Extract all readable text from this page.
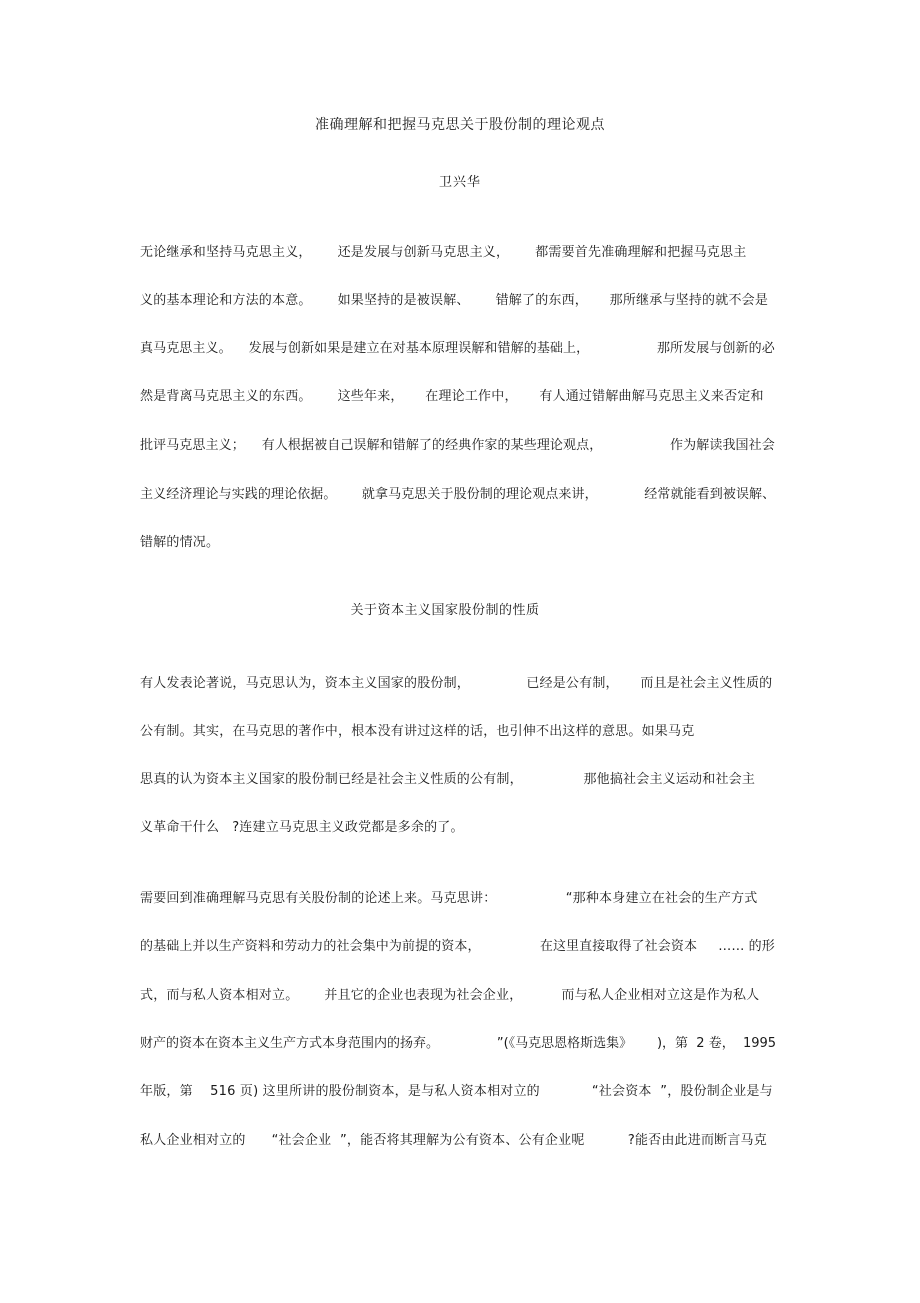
准确理解和把握马克思关于股份制的理论观点
卫兴华
无论继承和坚持马克思主义，      还是发展与创新马克思主义，      都需要首先准确理解和把握马克思主
义的基本理论和方法的本意。      如果坚持的是被误解、      错解了的东西，     那所继承与坚持的就不会是
真马克思主义。    发展与创新如果是建立在对基本原理误解和错解的基础上，                那所发展与创新的必
然是背离马克思主义的东西。      这些年来，     在理论工作中，     有人通过错解曲解马克思主义来否定和
批评马克思主义；    有人根据被自己误解和错解了的经典作家的某些理论观点，                作为解读我国社会
主义经济理论与实践的理论依据。      就拿马克思关于股份制的理论观点来讲，           经常就能看到被误解、
错解的情况。
关于资本主义国家股份制的性质
有人发表论著说，马克思认为，资本主义国家的股份制，             已经是公有制，     而且是社会主义性质的
公有制。其实，在马克思的著作中，根本没有讲过这样的话，也引伸不出这样的意思。如果马克
思真的认为资本主义国家的股份制已经是社会主义性质的公有制，              那他搞社会主义运动和社会主
义革命干什么   ?连建立马克思主义政党都是多余的了。
需要回到准确理解马克思有关股份制的论述上来。马克思讲：                “那种本身建立在社会的生产方式
的基础上并以生产资料和劳动力的社会集中为前提的资本，              在这里直接取得了社会资本     …… 的形
式，而与私人资本相对立。      并且它的企业也表现为社会企业，         而与私人企业相对立这是作为私人
财产的资本在资本主义生产方式本身范围内的扬弃。              ”(《马克思恩格斯选集》      )，第  2 卷，  1995
年版，第    516 页) 这里所讲的股份制资本，是与私人资本相对立的            “社会资本  ”，股份制企业是与
私人企业相对立的      “社会企业  ”，能否将其理解为公有资本、公有企业呢          ?能否由此进而断言马克
